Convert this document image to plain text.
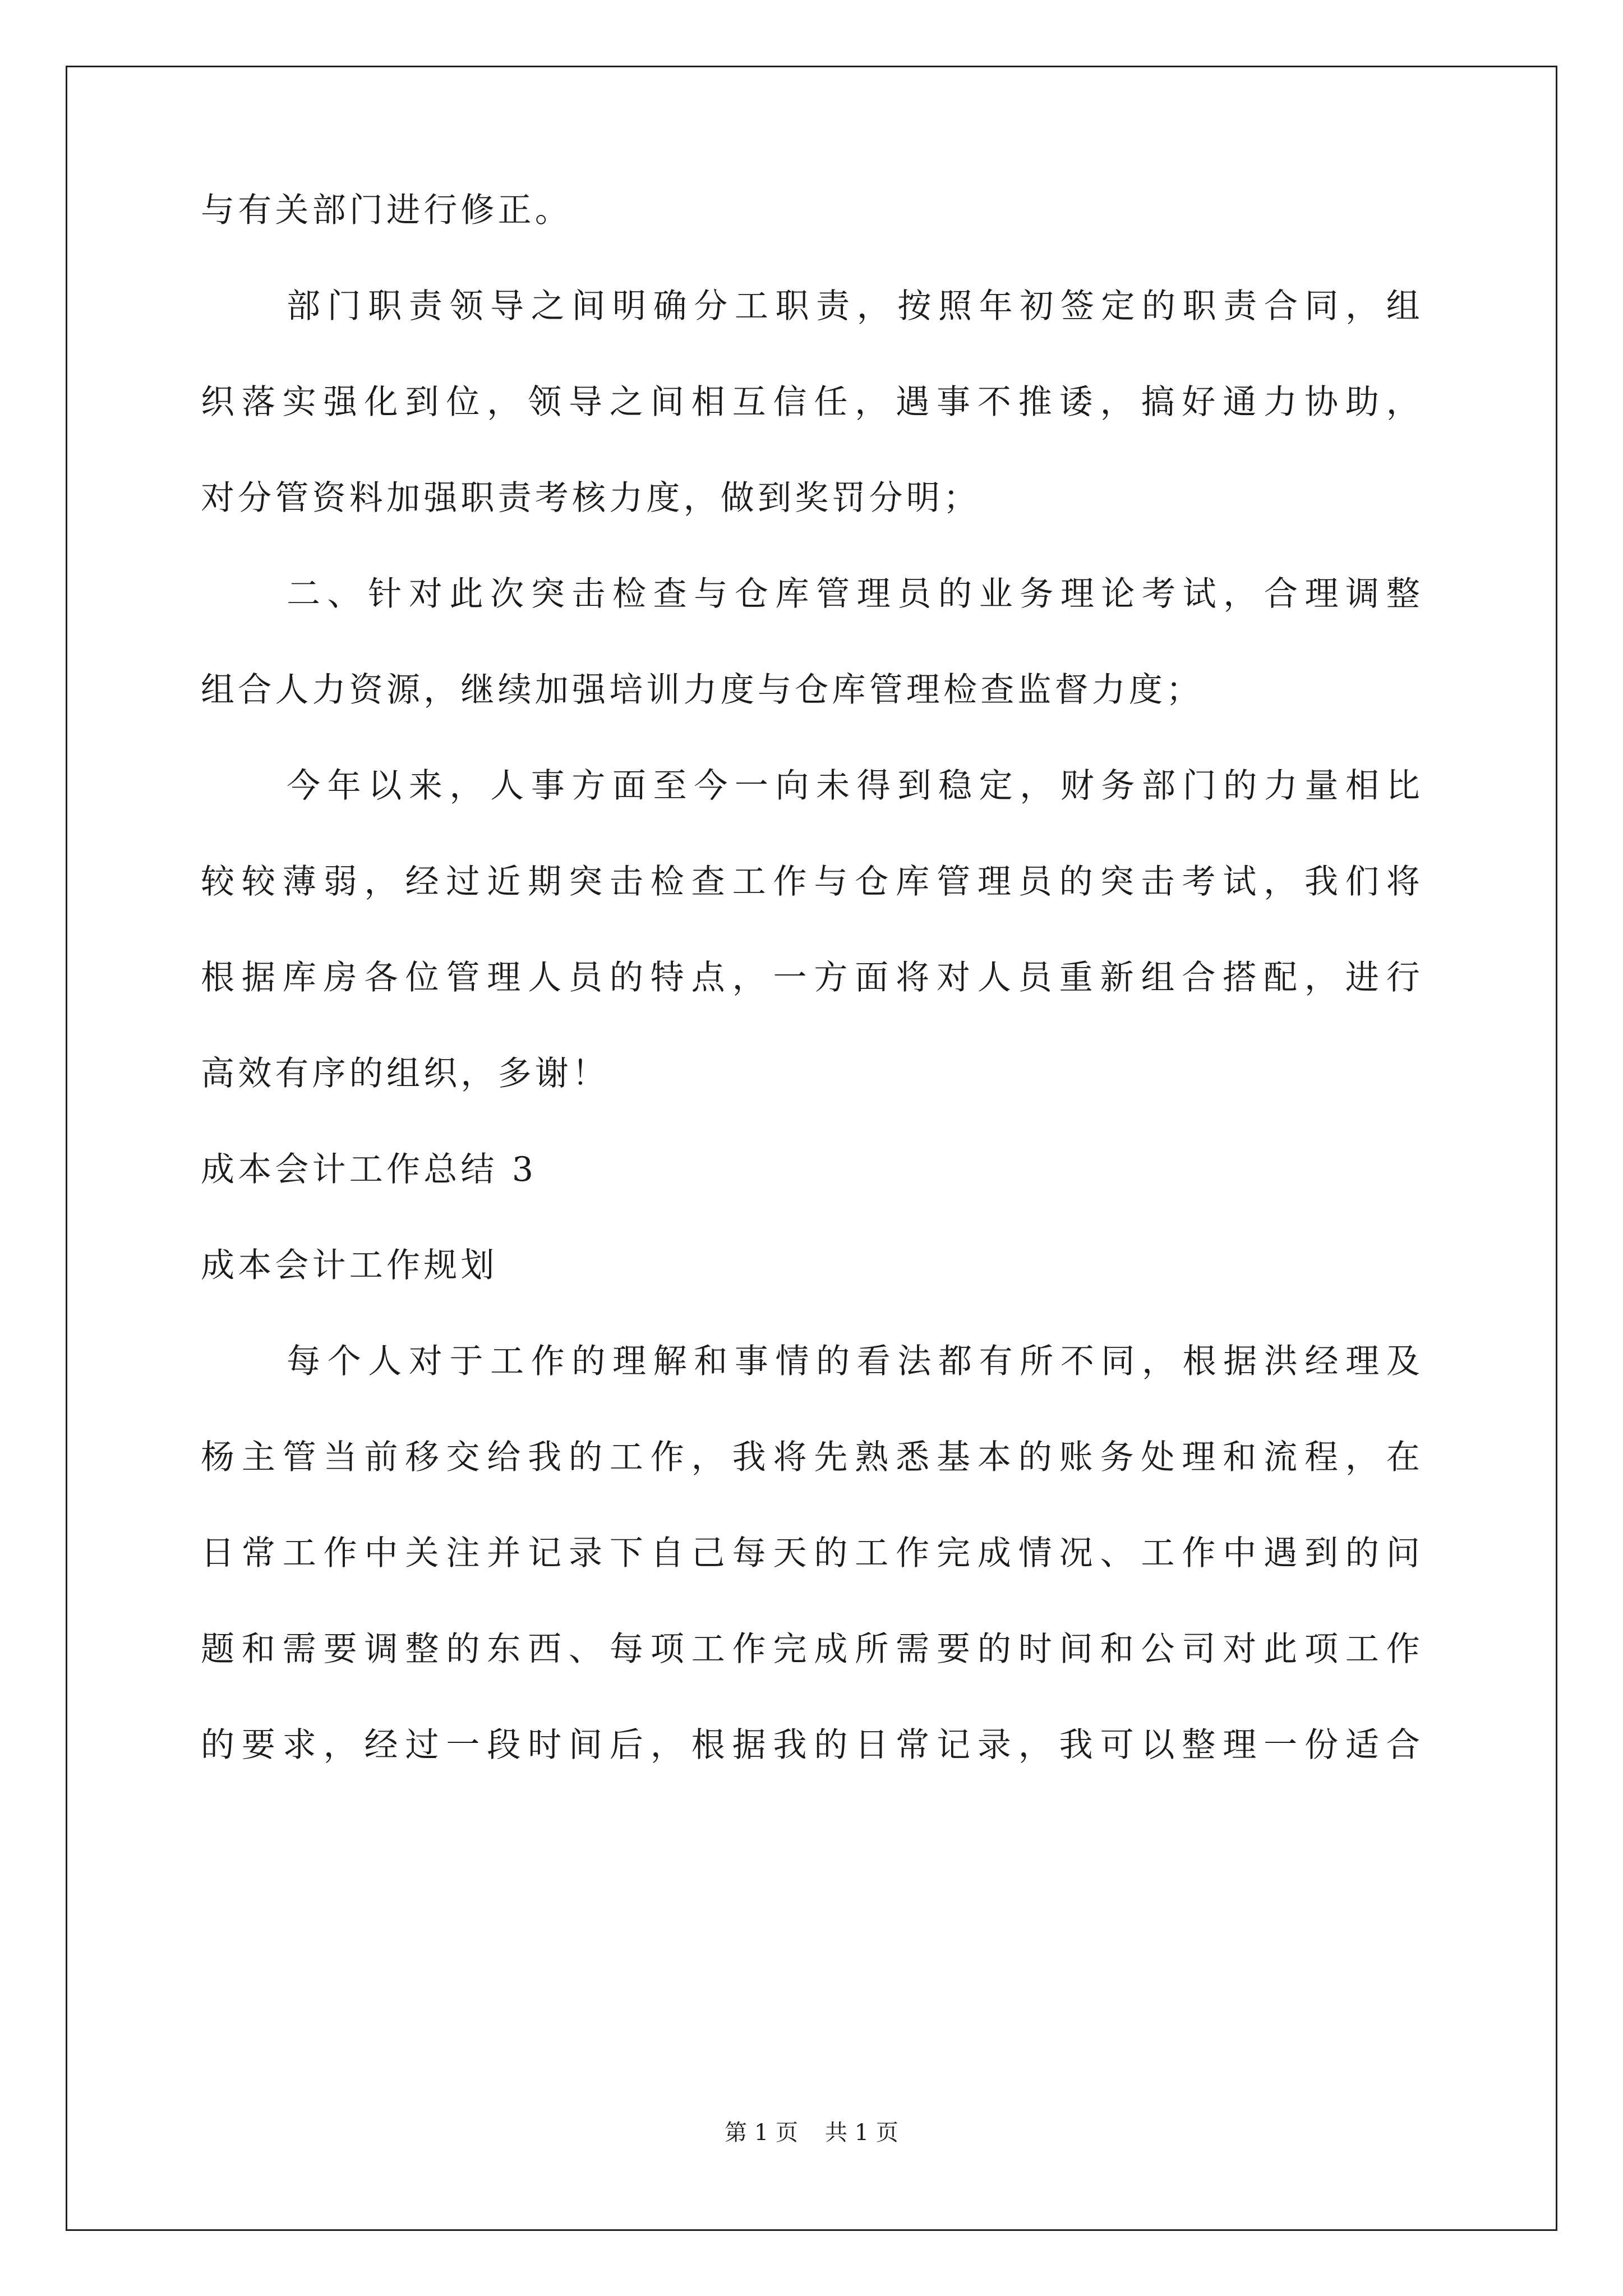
与有关部门进行修正。
部门职责领导之间明确分工职责，按照年初签定的职责合同，组
织落实强化到位，领导之间相互信任，遇事不推诿，搞好通力协助，
对分管资料加强职责考核力度，做到奖罚分明；
二、针对此次突击检查与仓库管理员的业务理论考试，合理调整
组合人力资源，继续加强培训力度与仓库管理检查监督力度；
今年以来，人事方面至今一向未得到稳定，财务部门的力量相比
较较薄弱，经过近期突击检查工作与仓库管理员的突击考试，我们将
根据库房各位管理人员的特点，一方面将对人员重新组合搭配，进行
高效有序的组织，多谢！
成本会计工作总结 3
成本会计工作规划
每个人对于工作的理解和事情的看法都有所不同，根据洪经理及
杨主管当前移交给我的工作，我将先熟悉基本的账务处理和流程，在
日常工作中关注并记录下自己每天的工作完成情况、工作中遇到的问
题和需要调整的东西、每项工作完成所需要的时间和公司对此项工作
的要求，经过一段时间后，根据我的日常记录，我可以整理一份适合
第 1 页 共 1 页
